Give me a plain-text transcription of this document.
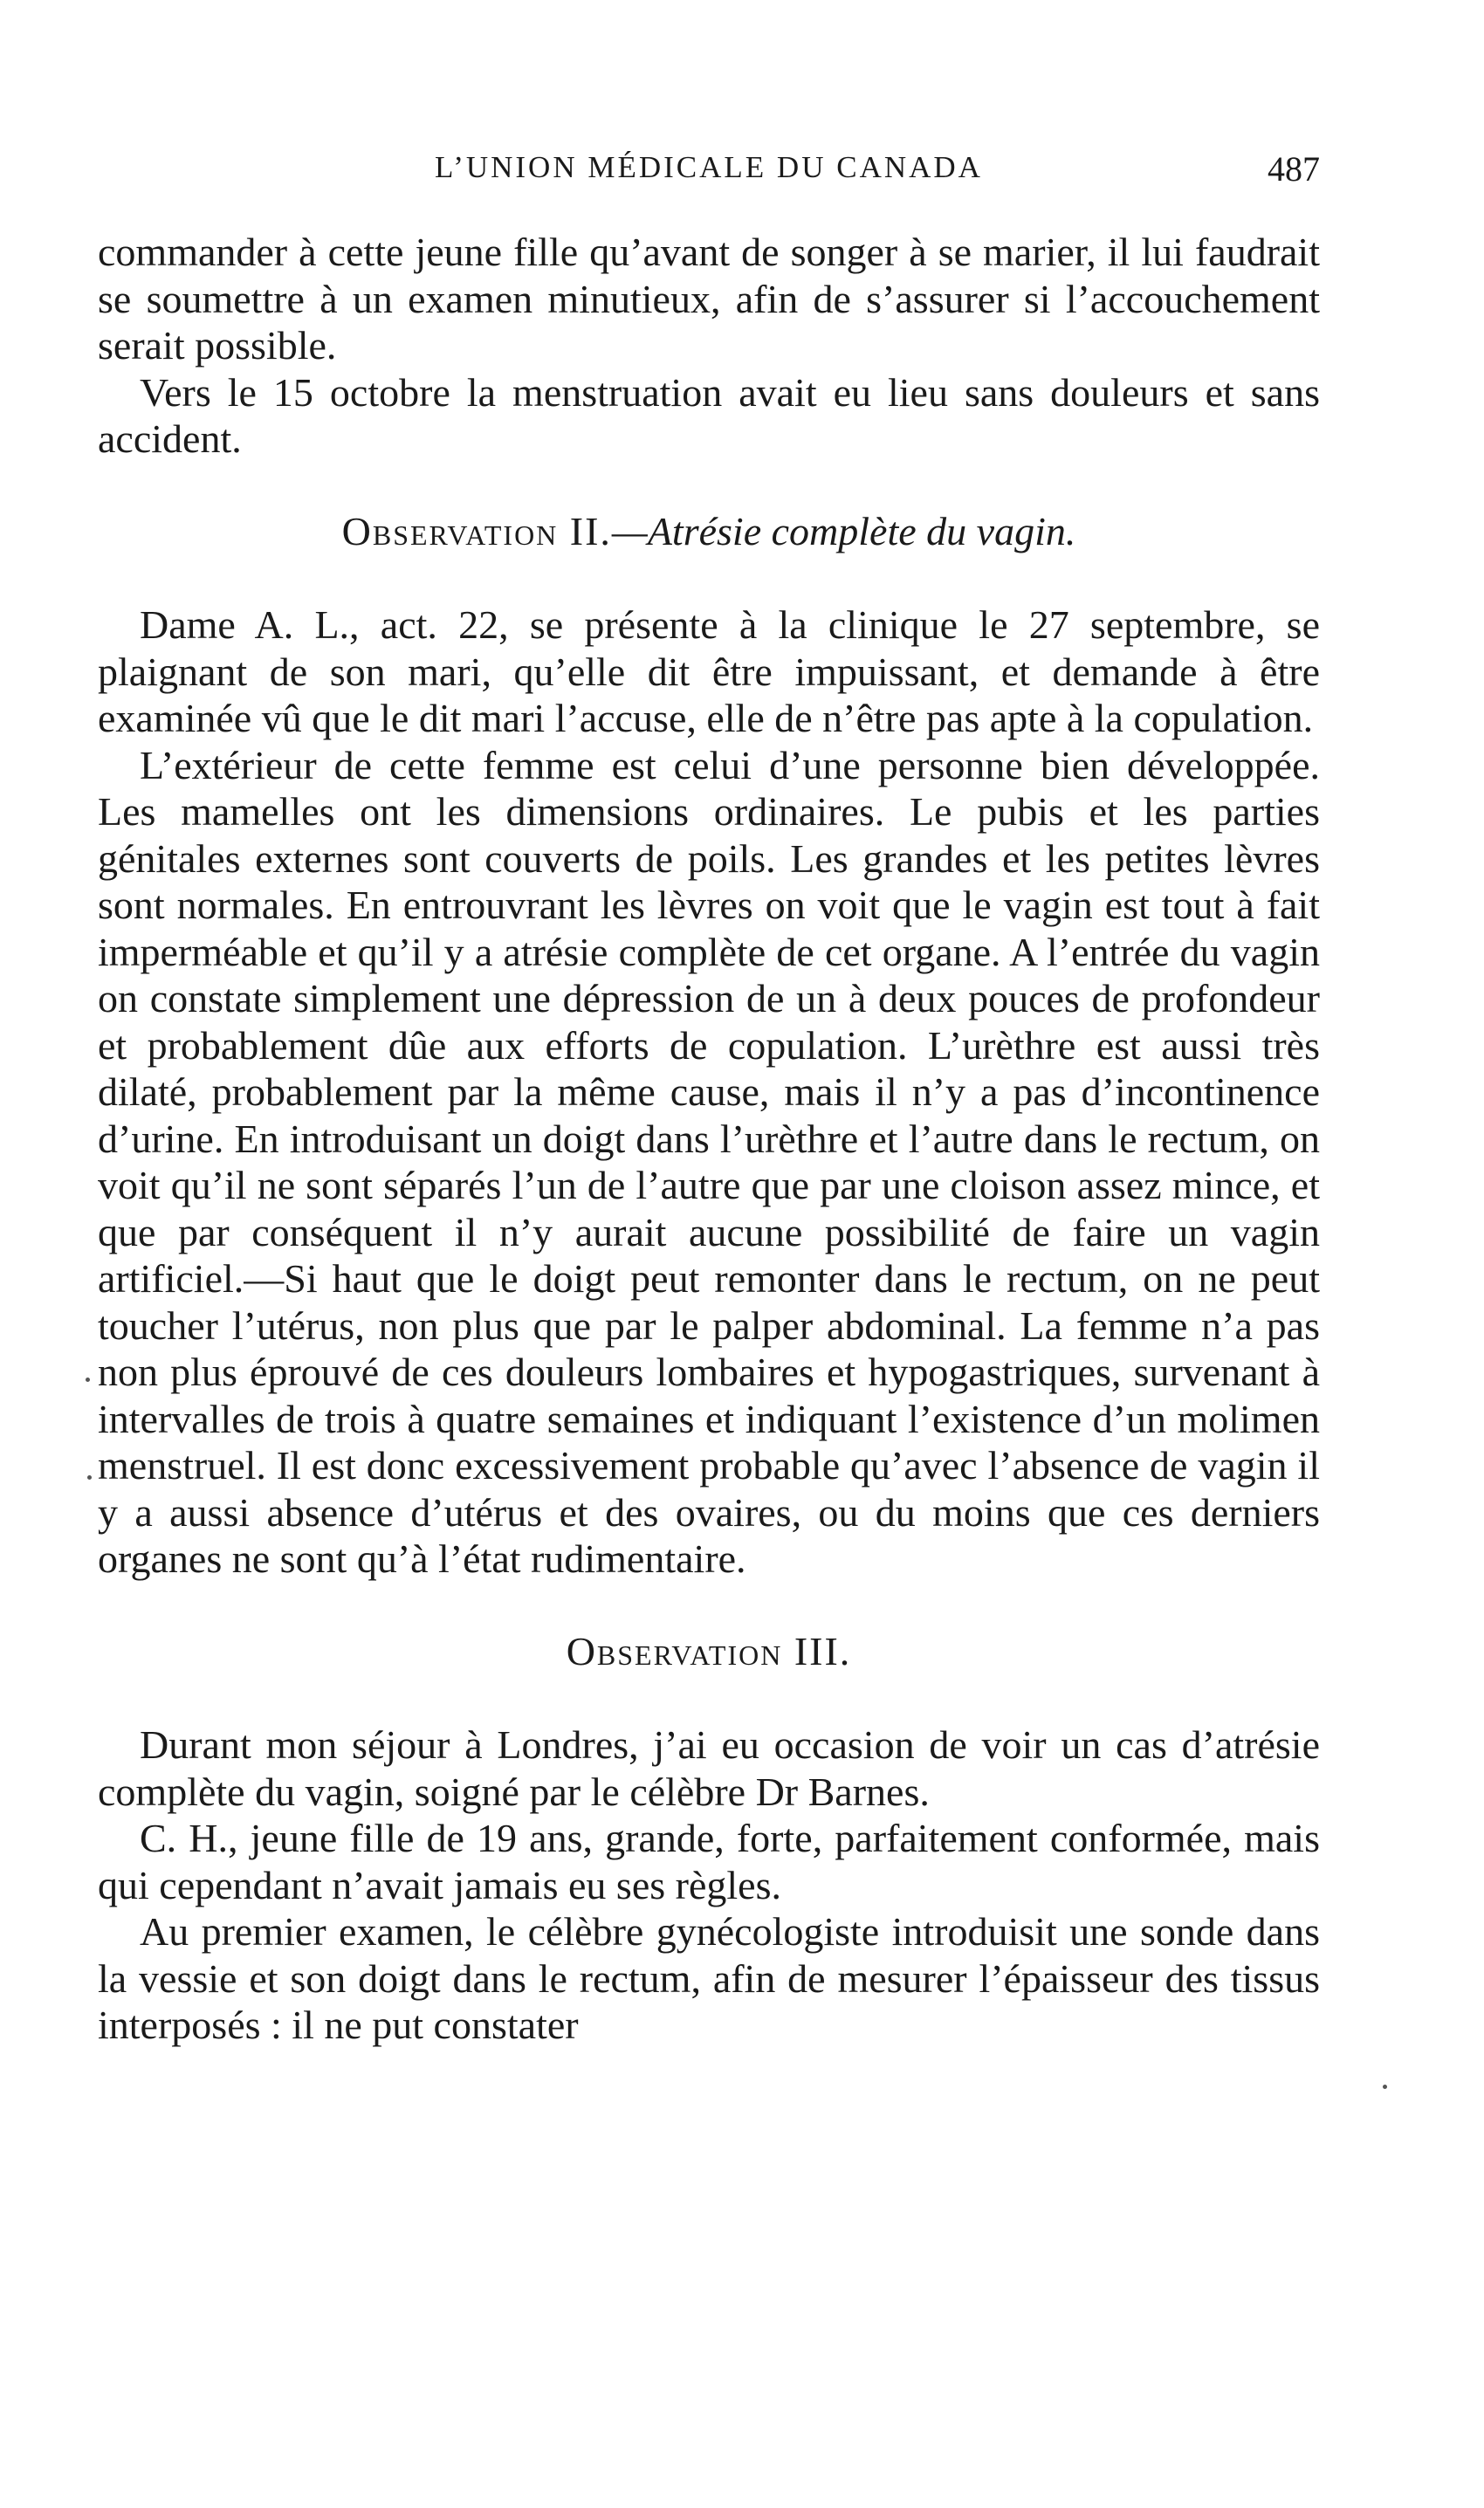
L’UNION MÉDICALE DU CANADA	487

commander à cette jeune fille qu’avant de songer à se marier, il lui faudrait se soumettre à un examen minutieux, afin de s’assurer si l’accouchement serait possible.

Vers le 15 octobre la menstruation avait eu lieu sans douleurs et sans accident.

Observation II.—Atrésie complète du vagin.

Dame A. L., act. 22, se présente à la clinique le 27 septembre, se plaignant de son mari, qu’elle dit être impuissant, et demande à être examinée vû que le dit mari l’accuse, elle de n’être pas apte à la copulation.

L’extérieur de cette femme est celui d’une personne bien développée. Les mamelles ont les dimensions ordinaires. Le pubis et les parties génitales externes sont couverts de poils. Les grandes et les petites lèvres sont normales. En entrouvrant les lèvres on voit que le vagin est tout à fait imperméable et qu’il y a atrésie complète de cet organe. A l’entrée du vagin on constate simplement une dépression de un à deux pouces de profondeur et probablement dûe aux efforts de copulation. L’urèthre est aussi très dilaté, probablement par la même cause, mais il n’y a pas d’incontinence d’urine. En introduisant un doigt dans l’urèthre et l’autre dans le rectum, on voit qu’il ne sont séparés l’un de l’autre que par une cloison assez mince, et que par conséquent il n’y aurait aucune possibilité de faire un vagin artificiel.—Si haut que le doigt peut remonter dans le rectum, on ne peut toucher l’utérus, non plus que par le palper abdominal. La femme n’a pas non plus éprouvé de ces douleurs lombaires et hypogastriques, survenant à intervalles de trois à quatre semaines et indiquant l’existence d’un molimen menstruel. Il est donc excessivement probable qu’avec l’absence de vagin il y a aussi absence d’utérus et des ovaires, ou du moins que ces derniers organes ne sont qu’à l’état rudimentaire.

Observation III.

Durant mon séjour à Londres, j’ai eu occasion de voir un cas d’atrésie complète du vagin, soigné par le célèbre Dr Barnes.

C. H., jeune fille de 19 ans, grande, forte, parfaitement conformée, mais qui cependant n’avait jamais eu ses règles.

Au premier examen, le célèbre gynécologiste introduisit une sonde dans la vessie et son doigt dans le rectum, afin de mesurer l’épaisseur des tissus interposés : il ne put constater
